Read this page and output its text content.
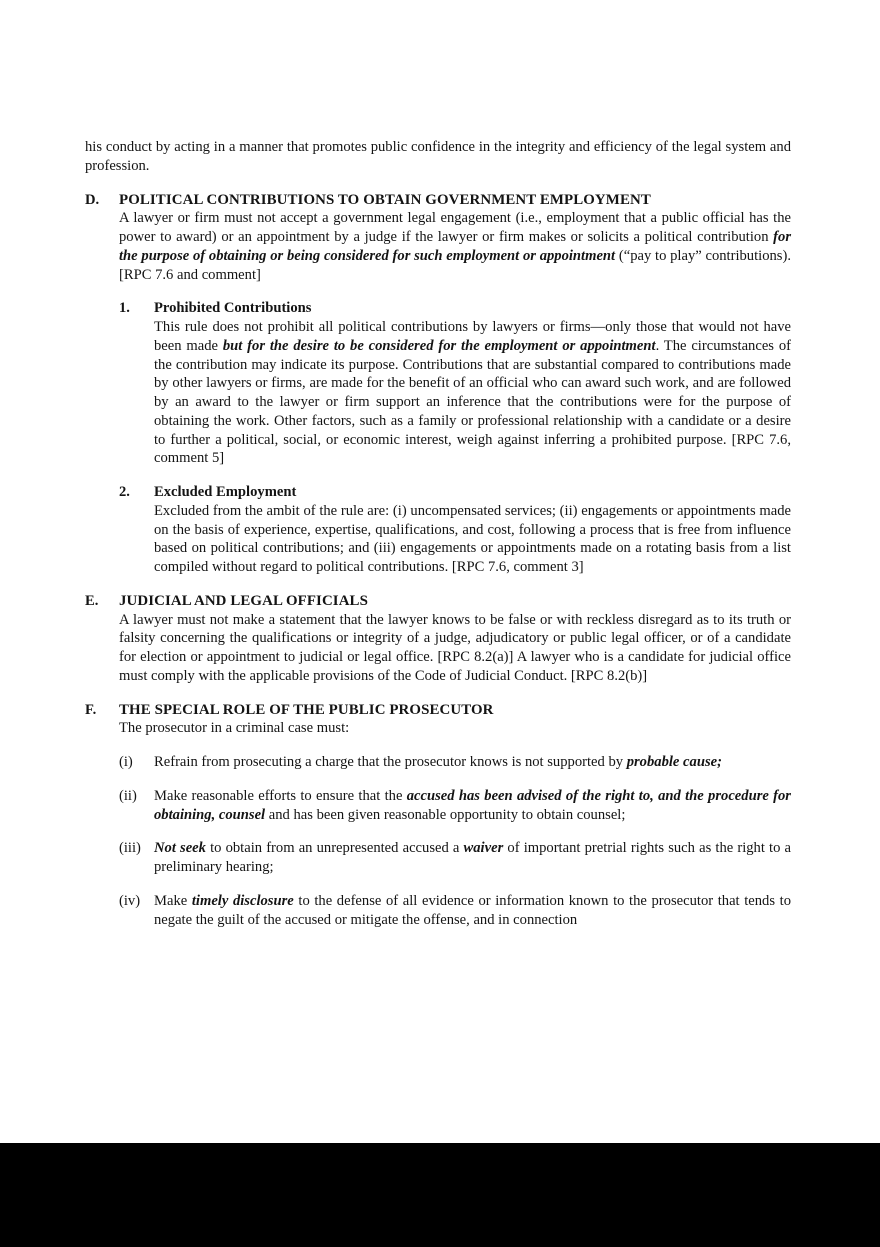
his conduct by acting in a manner that promotes public confidence in the integrity and efficiency of the legal system and profession.

D. POLITICAL CONTRIBUTIONS TO OBTAIN GOVERNMENT EMPLOYMENT

A lawyer or firm must not accept a government legal engagement (i.e., employment that a public official has the power to award) or an appointment by a judge if the lawyer or firm makes or solicits a political contribution for the purpose of obtaining or being considered for such employment or appointment (“pay to play” contributions). [RPC 7.6 and comment]

1. Prohibited Contributions

This rule does not prohibit all political contributions by lawyers or firms—only those that would not have been made but for the desire to be considered for the employment or appointment. The circumstances of the contribution may indicate its purpose. Contributions that are substantial compared to contributions made by other lawyers or firms, are made for the benefit of an official who can award such work, and are followed by an award to the lawyer or firm support an inference that the contributions were for the purpose of obtaining the work. Other factors, such as a family or professional relationship with a candidate or a desire to further a political, social, or economic interest, weigh against inferring a prohibited purpose. [RPC 7.6, comment 5]

2. Excluded Employment

Excluded from the ambit of the rule are: (i) uncompensated services; (ii) engagements or appointments made on the basis of experience, expertise, qualifications, and cost, following a process that is free from influence based on political contributions; and (iii) engagements or appointments made on a rotating basis from a list compiled without regard to political contributions. [RPC 7.6, comment 3]

E. JUDICIAL AND LEGAL OFFICIALS

A lawyer must not make a statement that the lawyer knows to be false or with reckless disregard as to its truth or falsity concerning the qualifications or integrity of a judge, adjudicatory or public legal officer, or of a candidate for election or appointment to judicial or legal office. [RPC 8.2(a)] A lawyer who is a candidate for judicial office must comply with the applicable provisions of the Code of Judicial Conduct. [RPC 8.2(b)]

F. THE SPECIAL ROLE OF THE PUBLIC PROSECUTOR

The prosecutor in a criminal case must:

(i) Refrain from prosecuting a charge that the prosecutor knows is not supported by probable cause;

(ii) Make reasonable efforts to ensure that the accused has been advised of the right to, and the procedure for obtaining, counsel and has been given reasonable opportunity to obtain counsel;

(iii) Not seek to obtain from an unrepresented accused a waiver of important pretrial rights such as the right to a preliminary hearing;

(iv) Make timely disclosure to the defense of all evidence or information known to the prosecutor that tends to negate the guilt of the accused or mitigate the offense, and in connection
